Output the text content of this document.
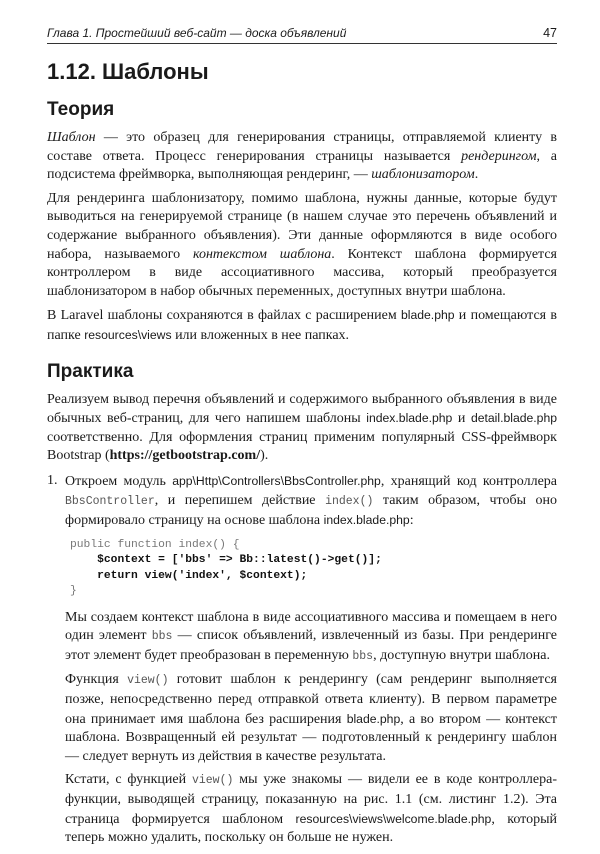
Глава 1. Простейший веб-сайт — доска объявлений	47
1.12. Шаблоны
Теория

Шаблон — это образец для генерирования страницы, отправляемой клиенту в составе ответа. Процесс генерирования страницы называется рендерингом, а подсистема фреймворка, выполняющая рендеринг, — шаблонизатором.

Для рендеринга шаблонизатору, помимо шаблона, нужны данные, которые будут выводиться на генерируемой странице (в нашем случае это перечень объявлений и содержание выбранного объявления). Эти данные оформляются в виде особого набора, называемого контекстом шаблона. Контекст шаблона формируется контроллером в виде ассоциативного массива, который преобразуется шаблонизатором в набор обычных переменных, доступных внутри шаблона.

В Laravel шаблоны сохраняются в файлах с расширением blade.php и помещаются в папке resources\views или вложенных в нее папках.

Практика

Реализуем вывод перечня объявлений и содержимого выбранного объявления в виде обычных веб-страниц, для чего напишем шаблоны index.blade.php и detail.blade.php соответственно. Для оформления страниц применим популярный CSS-фреймворк Bootstrap (https://getbootstrap.com/).

1. Откроем модуль app\Http\Controllers\BbsController.php, хранящий код контроллера BbsController, и перепишем действие index() таким образом, чтобы оно формировало страницу на основе шаблона index.blade.php:

public function index() {
$context = ['bbs' => Bb::latest()->get()];
return view('index', $context);
}

Мы создаем контекст шаблона в виде ассоциативного массива и помещаем в него один элемент bbs — список объявлений, извлеченный из базы. При рендеринге этот элемент будет преобразован в переменную bbs, доступную внутри шаблона.

Функция view() готовит шаблон к рендерингу (сам рендеринг выполняется позже, непосредственно перед отправкой ответа клиенту). В первом параметре она принимает имя шаблона без расширения blade.php, а во втором — контекст шаблона. Возвращенный ей результат — подготовленный к рендерингу шаблон — следует вернуть из действия в качестве результата.

Кстати, с функцией view() мы уже знакомы — видели ее в коде контроллера-функции, выводящей страницу, показанную на рис. 1.1 (см. листинг 1.2). Эта страница формируется шаблоном resources\views\welcome.blade.php, который теперь можно удалить, поскольку он больше не нужен.
